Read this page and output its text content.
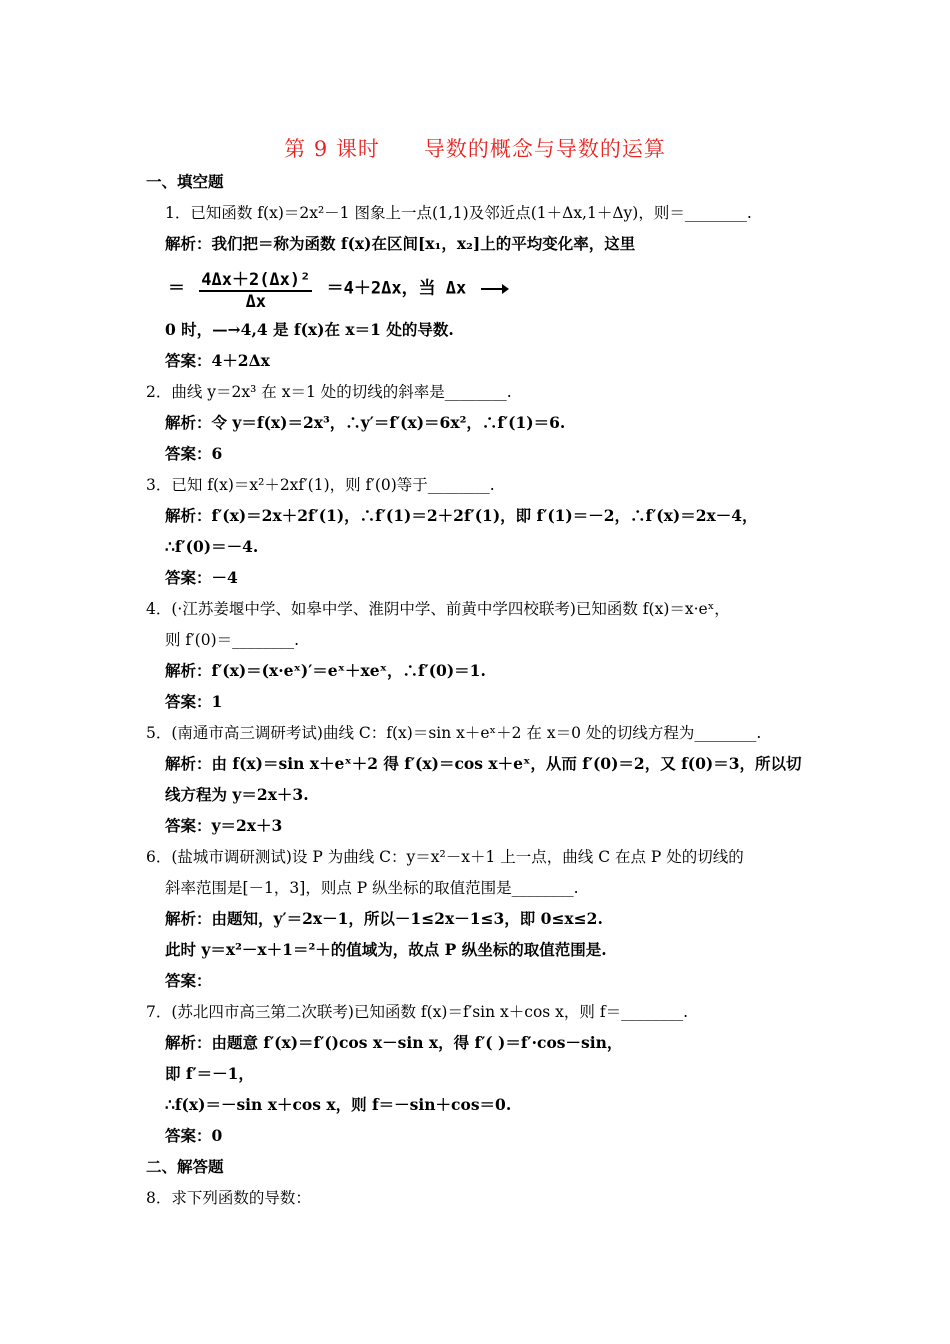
第 9 课时　　导数的概念与导数的运算
一、填空题
1．已知函数 f(x)＝2x²－1 图象上一点(1,1)及邻近点(1＋Δx,1＋Δy)，则＝________.
解析：我们把＝称为函数 f(x)在区间[x₁，x₂]上的平均变化率，这里
＝ $\frac{\text{4Δx＋2(Δx)²}}{\Delta x} =4+2\Delta x$，当 Δx
0 时，—→4,4 是 f(x)在 x＝1 处的导数.
答案：4＋2Δx
2．曲线 y＝2x³ 在 x＝1 处的切线的斜率是________.
解析：令 y＝f(x)＝2x³，∴y′＝f′(x)＝6x²，∴f′(1)＝6.
答案：6
3．已知 f(x)＝x²＋2xf′(1)，则 f′(0)等于________.
解析：f′(x)＝2x＋2f′(1)，∴f′(1)＝2＋2f′(1)，即 f′(1)＝－2，∴f′(x)＝2x－4，
∴f′(0)＝－4.
答案：－4
4．(·江苏姜堰中学、如皋中学、淮阴中学、前黄中学四校联考)已知函数 f(x)＝x·eˣ，
则 f′(0)＝________.
解析：f′(x)＝(x·eˣ)′＝eˣ＋xeˣ，∴f′(0)＝1.
答案：1
5．(南通市高三调研考试)曲线 C：f(x)＝sin x＋eˣ＋2 在 x＝0 处的切线方程为________.
解析：由 f(x)＝sin x＋eˣ＋2 得 f′(x)＝cos x＋eˣ，从而 f′(0)＝2，又 f(0)＝3，所以切
线方程为 y＝2x＋3.
答案：y＝2x＋3
6．(盐城市调研测试)设 P 为曲线 C：y＝x²－x＋1 上一点，曲线 C 在点 P 处的切线的
斜率范围是[－1，3]，则点 P 纵坐标的取值范围是________.
解析：由题知，y′＝2x－1，所以－1≤2x－1≤3，即 0≤x≤2.
此时 y＝x²－x＋1＝²＋的值域为，故点 P 纵坐标的取值范围是.
答案：
7．(苏北四市高三第二次联考)已知函数 f(x)＝f′sin x＋cos x，则 f＝________.
解析：由题意 f′(x)＝f′()cos x－sin x，得 f′( )＝f′·cos－sin，
即 f′＝－1，
∴f(x)＝－sin x＋cos x，则 f＝－sin＋cos＝0.
答案：0
二、解答题
8．求下列函数的导数：
